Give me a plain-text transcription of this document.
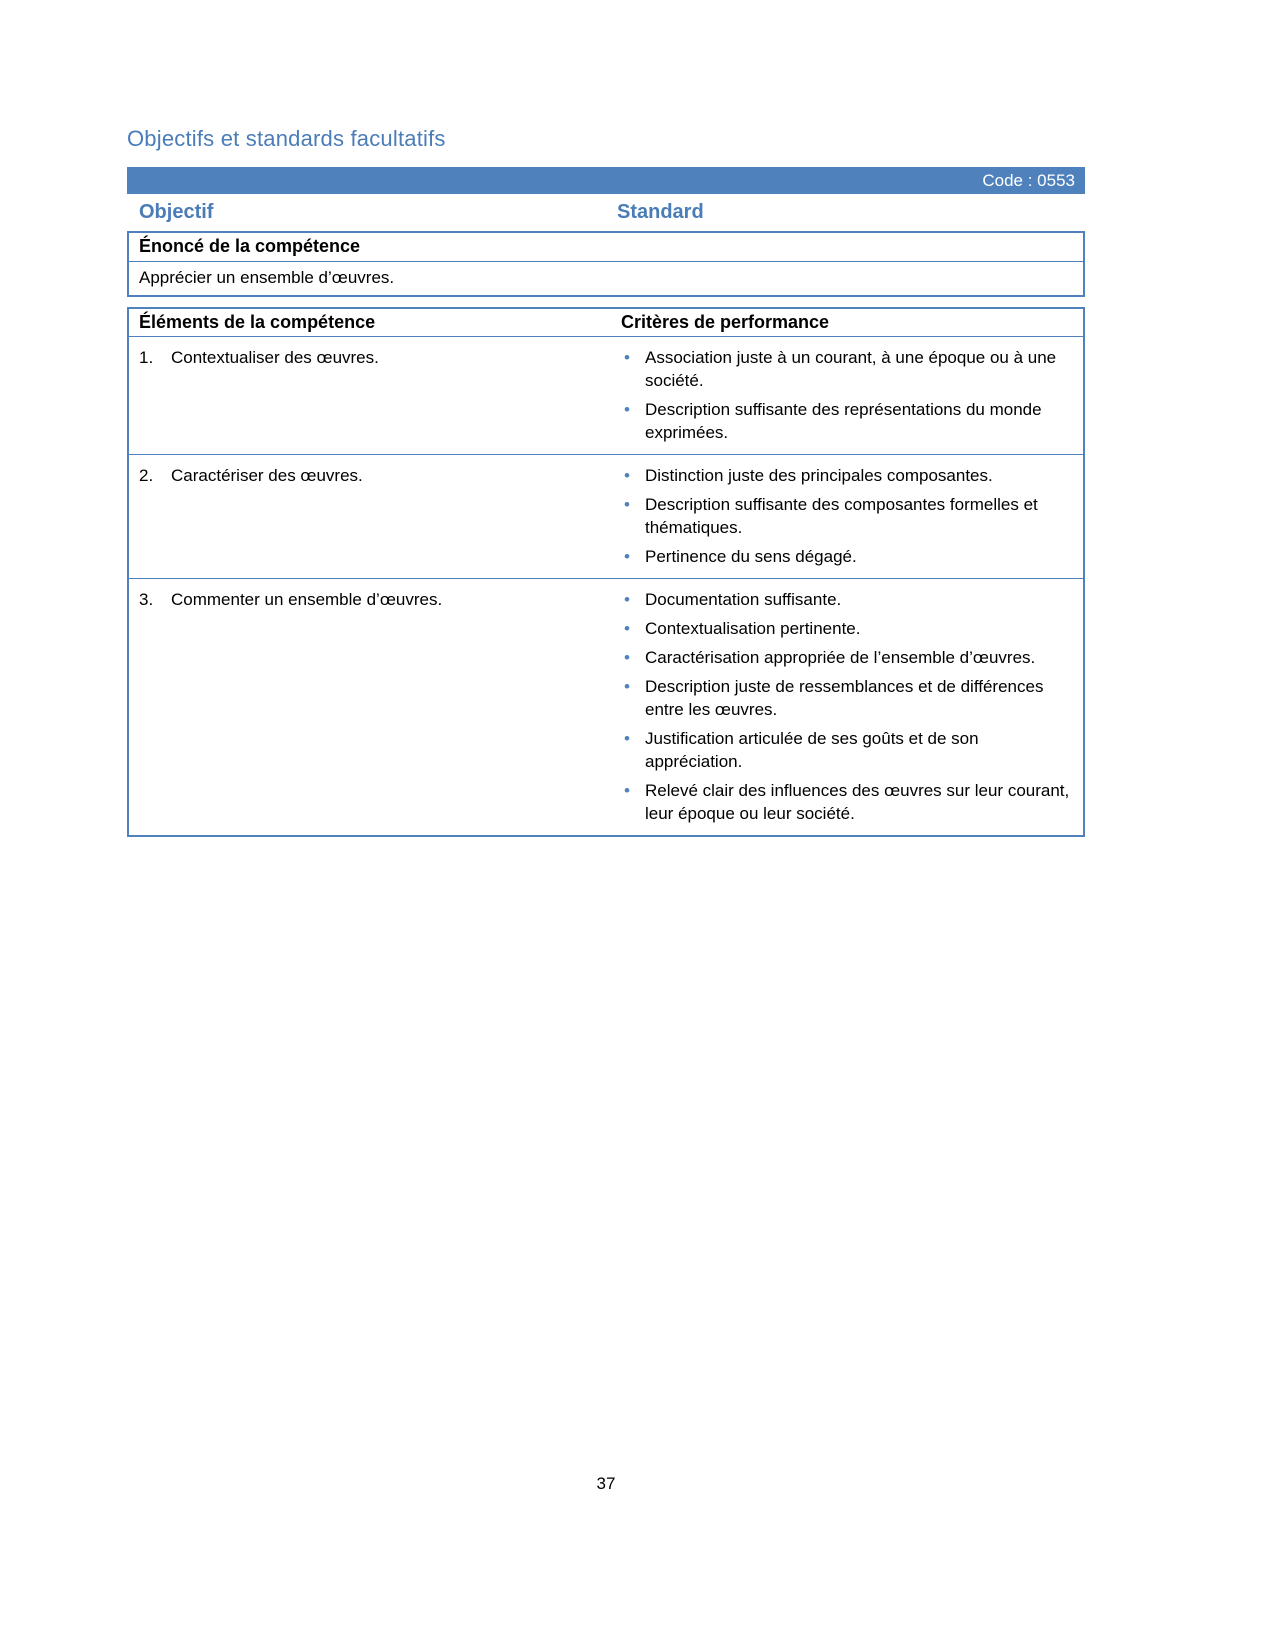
Objectifs et standards facultatifs
Code : 0553
Objectif	Standard
Énoncé de la compétence
Apprécier un ensemble d’œuvres.
Éléments de la compétence	Critères de performance
1.	Contextualiser des œuvres.	• Association juste à un courant, à une époque ou à une société.
• Description suffisante des représentations du monde exprimées.
2.	Caractériser des œuvres.	• Distinction juste des principales composantes.
• Description suffisante des composantes formelles et thématiques.
• Pertinence du sens dégagé.
3.	Commenter un ensemble d’œuvres.	• Documentation suffisante.
• Contextualisation pertinente.
• Caractérisation appropriée de l’ensemble d’œuvres.
• Description juste de ressemblances et de différences entre les œuvres.
• Justification articulée de ses goûts et de son appréciation.
• Relevé clair des influences des œuvres sur leur courant, leur époque ou leur société.
37
